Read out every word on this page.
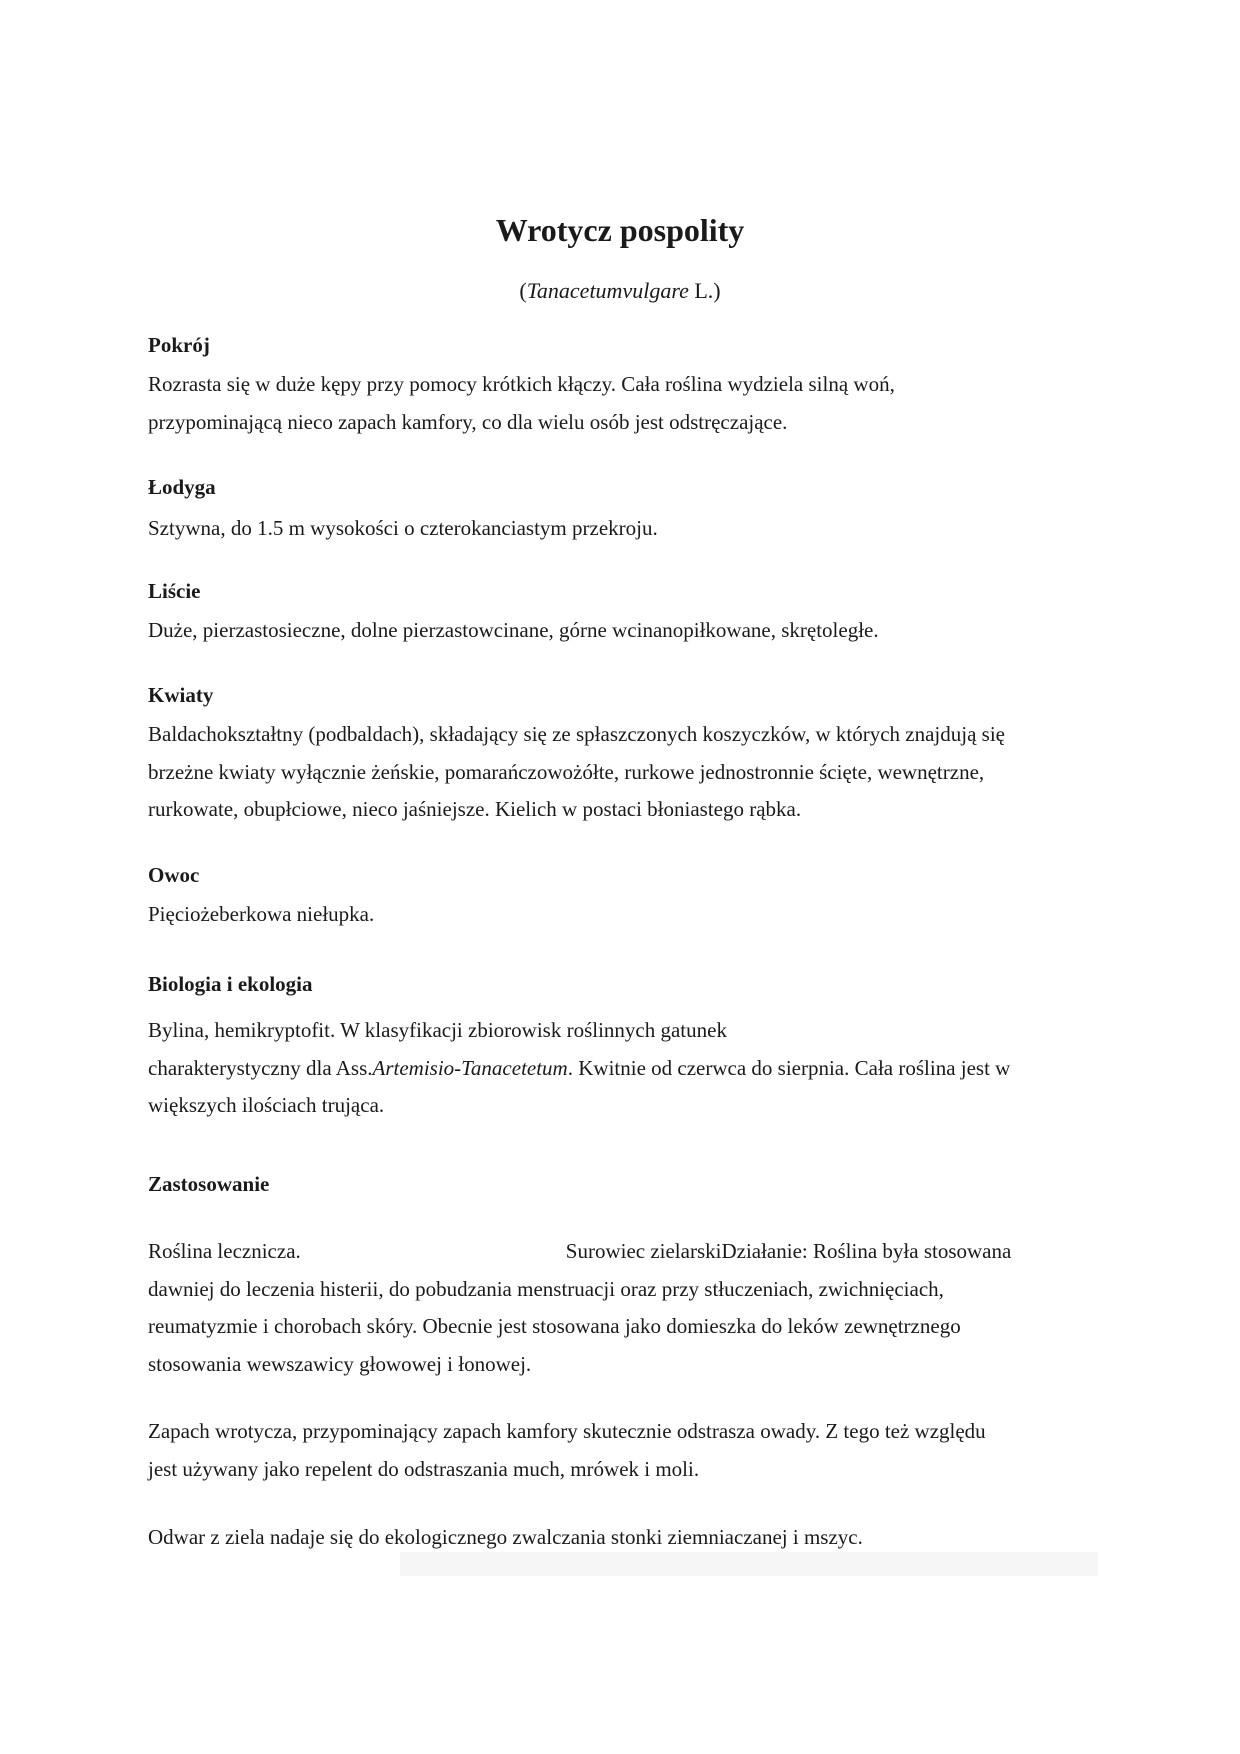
Wrotycz pospolity

(Tanacetumvulgare L.)

Pokrój

Rozrasta się w duże kępy przy pomocy krótkich kłączy. Cała roślina wydziela silną woń,
przypominającą nieco zapach kamfory, co dla wielu osób jest odstręczające.

Łodyga

Sztywna, do 1.5 m wysokości o czterokanciastym przekroju.

Liście

Duże, pierzastosieczne, dolne pierzastowcinane, górne wcinanopiłkowane, skrętoległe.

Kwiaty

Baldachokształtny (podbaldach), składający się ze spłaszczonych koszyczków, w których znajdują się
brzeżne kwiaty wyłącznie żeńskie, pomarańczowożółte, rurkowe jednostronnie ścięte, wewnętrzne,
rurkowate, obupłciowe, nieco jaśniejsze. Kielich w postaci błoniastego rąbka.

Owoc

Pięciożeberkowa niełupka.

Biologia i ekologia

Bylina, hemikryptofit. W klasyfikacji zbiorowisk roślinnych gatunek
charakterystyczny dla Ass.Artemisio-Tanacetetum. Kwitnie od czerwca do sierpnia. Cała roślina jest w
większych ilościach trująca.

Zastosowanie

Roślina lecznicza.	Surowiec zielarskiDziałanie: Roślina była stosowana
dawniej do leczenia histerii, do pobudzania menstruacji oraz przy stłuczeniach, zwichnięciach,
reumatyzmie i chorobach skóry. Obecnie jest stosowana jako domieszka do leków zewnętrznego
stosowania wewszawicy głowowej i łonowej.

Zapach wrotycza, przypominający zapach kamfory skutecznie odstrasza owady. Z tego też względu
jest używany jako repelent do odstraszania much, mrówek i moli.

Odwar z ziela nadaje się do ekologicznego zwalczania stonki ziemniaczanej i mszyc.
